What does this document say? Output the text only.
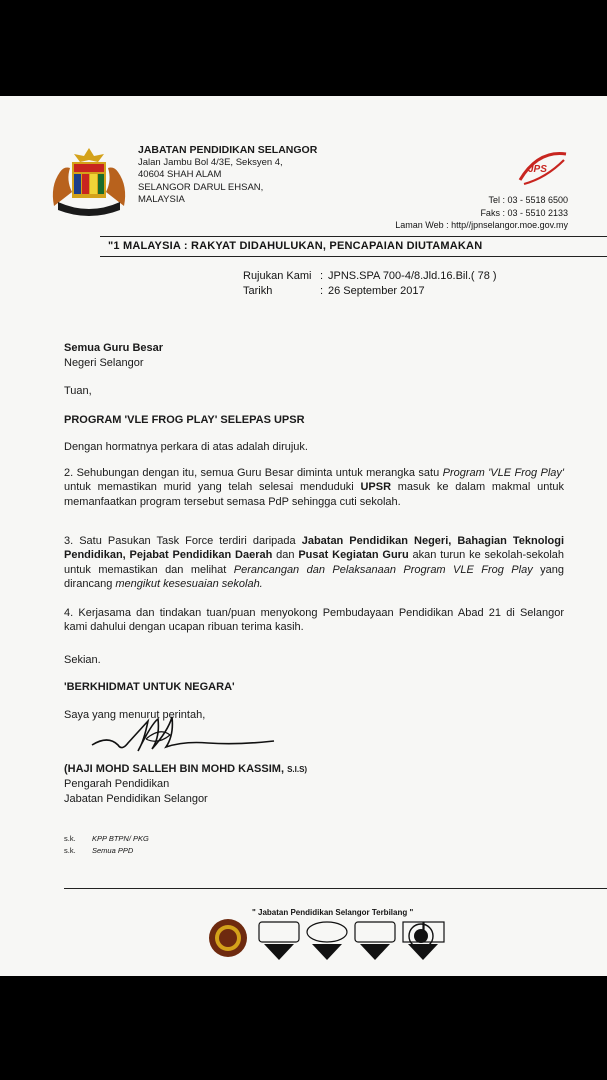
JABATAN PENDIDIKAN SELANGOR
Jalan Jambu Bol 4/3E, Seksyen 4,
40604 SHAH ALAM
SELANGOR DARUL EHSAN,
MALAYSIA
JPS
Tel : 03 - 5518 6500
Faks : 03 - 5510 2133
Laman Web : http//jpnselangor.moe.gov.my
"1 MALAYSIA : RAKYAT DIDAHULUKAN, PENCAPAIAN DIUTAMAKAN
Rujukan Kami : JPNS.SPA 700-4/8.Jld.16.Bil.( 78 )
Tarikh	: 26 September 2017
Semua Guru Besar
Negeri Selangor
Tuan,
PROGRAM 'VLE FROG PLAY' SELEPAS UPSR
Dengan hormatnya perkara di atas adalah dirujuk.
2. Sehubungan dengan itu, semua Guru Besar diminta untuk merangka satu Program 'VLE Frog Play' untuk memastikan murid yang telah selesai menduduki UPSR masuk ke dalam makmal untuk memanfaatkan program tersebut semasa PdP sehingga cuti sekolah.
3. Satu Pasukan Task Force terdiri daripada Jabatan Pendidikan Negeri, Bahagian Teknologi Pendidikan, Pejabat Pendidikan Daerah dan Pusat Kegiatan Guru akan turun ke sekolah-sekolah untuk memastikan dan melihat Perancangan dan Pelaksanaan Program VLE Frog Play yang dirancang mengikut kesesuaian sekolah.
4. Kerjasama dan tindakan tuan/puan menyokong Pembudayaan Pendidikan Abad 21 di Selangor kami dahului dengan ucapan ribuan terima kasih.
Sekian.
'BERKHIDMAT UNTUK NEGARA'
Saya yang menurut perintah,
(HAJI MOHD SALLEH BIN MOHD KASSIM, S.I.S)
Pengarah Pendidikan
Jabatan Pendidikan Selangor
s.k. KPP BTPN/ PKG
s.k. Semua PPD
" Jabatan Pendidikan Selangor Terbilang "
